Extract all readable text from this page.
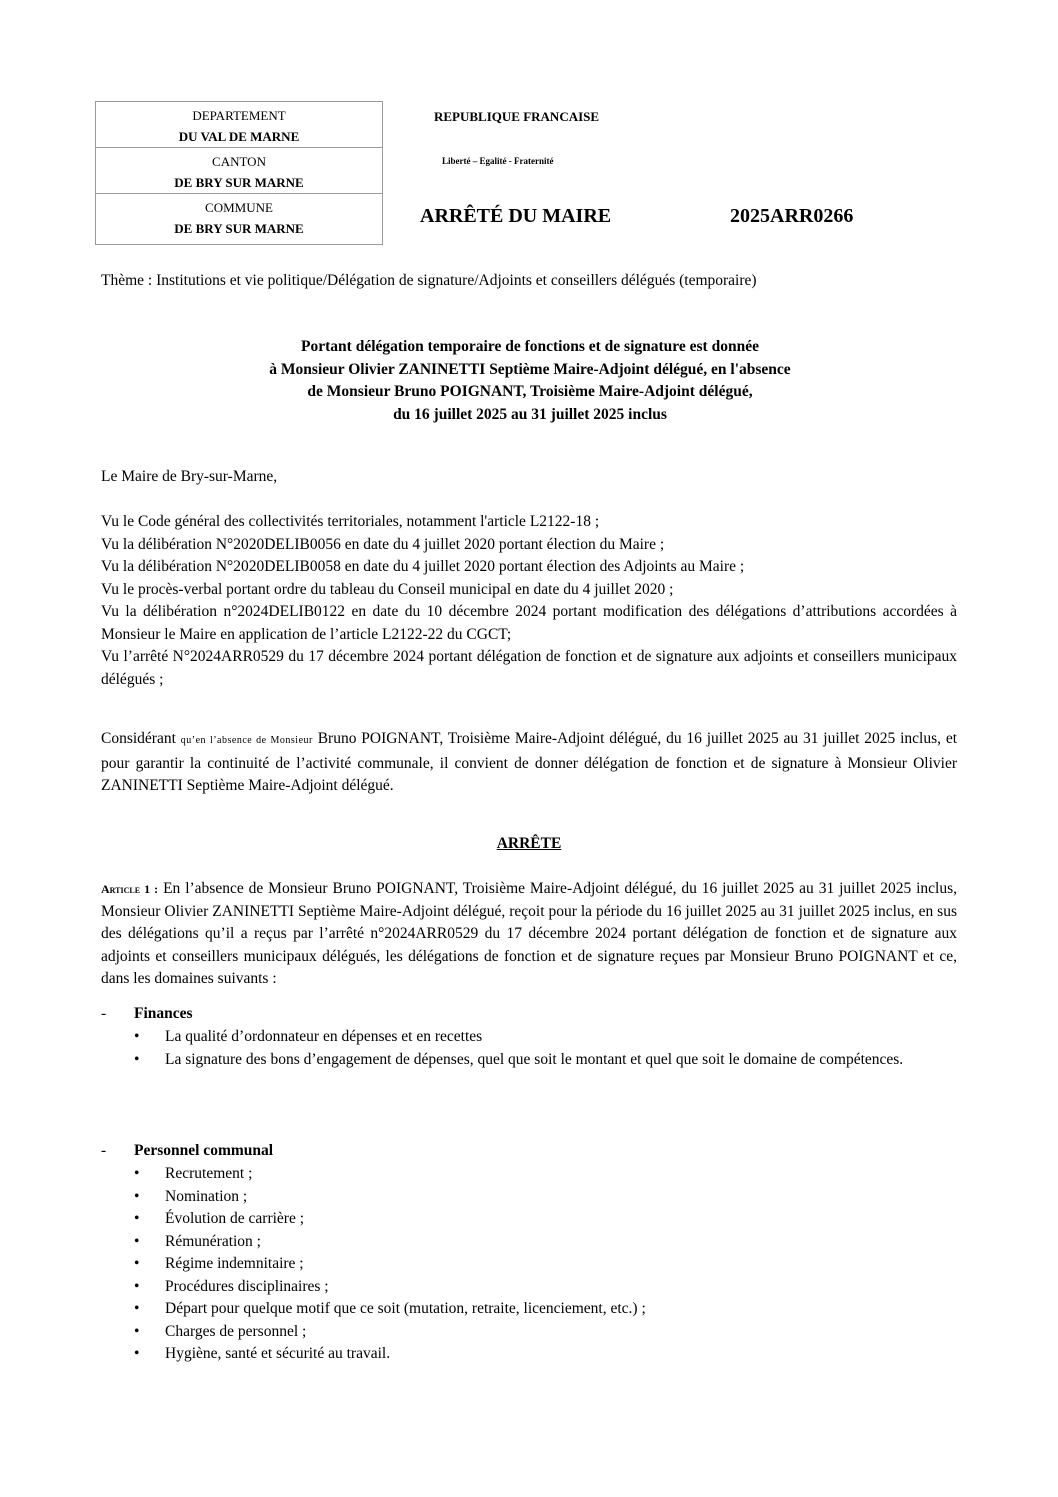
DEPARTEMENT
DU VAL DE MARNE
CANTON
DE BRY SUR MARNE
COMMUNE
DE BRY SUR MARNE
REPUBLIQUE FRANCAISE
Liberté – Egalité - Fraternité
ARRÊTÉ DU MAIRE	2025ARR0266
Thème : Institutions et vie politique/Délégation de signature/Adjoints et conseillers délégués (temporaire)
Portant délégation temporaire de fonctions et de signature est donnée
à Monsieur Olivier ZANINETTI Septième Maire-Adjoint délégué, en l'absence
de Monsieur Bruno POIGNANT, Troisième Maire-Adjoint délégué,
du 16 juillet 2025 au 31 juillet 2025 inclus
Le Maire de Bry-sur-Marne,
Vu le Code général des collectivités territoriales, notamment l'article L2122-18 ;
Vu la délibération N°2020DELIB0056 en date du 4 juillet 2020 portant élection du Maire ;
Vu la délibération N°2020DELIB0058 en date du 4 juillet 2020 portant élection des Adjoints au Maire ;
Vu le procès-verbal portant ordre du tableau du Conseil municipal en date du 4 juillet 2020 ;
Vu la délibération n°2024DELIB0122 en date du 10 décembre 2024 portant modification des délégations d’attributions accordées à Monsieur le Maire en application de l’article L2122-22 du CGCT;
Vu l’arrêté N°2024ARR0529 du 17 décembre 2024 portant délégation de fonction et de signature aux adjoints et conseillers municipaux délégués ;
Considérant qu’en l’absence de Monsieur Bruno POIGNANT, Troisième Maire-Adjoint délégué, du 16 juillet 2025 au 31 juillet 2025 inclus, et pour garantir la continuité de l’activité communale, il convient de donner délégation de fonction et de signature à Monsieur Olivier ZANINETTI Septième Maire-Adjoint délégué.
ARRÊTE
Article 1 : En l’absence de Monsieur Bruno POIGNANT, Troisième Maire-Adjoint délégué, du 16 juillet 2025 au 31 juillet 2025 inclus, Monsieur Olivier ZANINETTI Septième Maire-Adjoint délégué, reçoit pour la période du 16 juillet 2025 au 31 juillet 2025 inclus, en sus des délégations qu’il a reçus par l’arrêté n°2024ARR0529 du 17 décembre 2024 portant délégation de fonction et de signature aux adjoints et conseillers municipaux délégués, les délégations de fonction et de signature reçues par Monsieur Bruno POIGNANT et ce, dans les domaines suivants :
- Finances
• La qualité d’ordonnateur en dépenses et en recettes
• La signature des bons d’engagement de dépenses, quel que soit le montant et quel que soit le domaine de compétences.
- Personnel communal
• Recrutement ;
• Nomination ;
• Évolution de carrière ;
• Rémunération ;
• Régime indemnitaire ;
• Procédures disciplinaires ;
• Départ pour quelque motif que ce soit (mutation, retraite, licenciement, etc.) ;
• Charges de personnel ;
• Hygiène, santé et sécurité au travail.
